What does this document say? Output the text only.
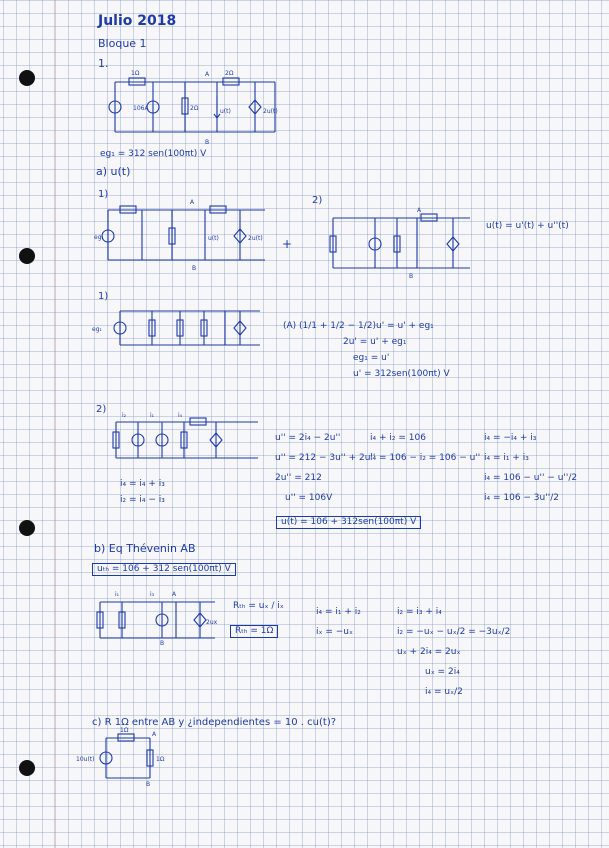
Julio 2018
Bloque 1
1.
1Ω	2Ω
A
B
106A	2Ω	u(t)	2u(t)
eg₁ = 312 sen(100πt) V
a) u(t)
1)
eg₁
A
B
u(t)	2u(t) +
2)
A
B
u(t) = u'(t) + u''(t)
1)
eg₁	(A) (1/1 + 1/2 − 1/2)u' = u' + eg₁
2u' = u' + eg₁
eg₁ = u'
u' = 312sen(100πt) V
2)
i₂	i₁	i₄
i₄ = i₄ + i₃
i₂ = i₄ − i₃
u'' = 2i₄ − 2u''
u'' = 212 − 3u'' + 2u''
2u'' = 212
u'' = 106V
i₄ + i₂ = 106
i₄ = 106 − i₂ = 106 − u''
i₄ = −i₄ + i₃
i₄ = i₁ + i₃
i₄ = 106 − u'' − u''/2
i₄ = 106 − 3u''/2
u(t) = 106 + 312sen(100πt) V
b) Eq Thévenin AB
uₜₕ = 106 + 312 sen(100πt) V
i₁	i₃	A
B
2ux
Rₜₕ = uₓ / iₓ
Rₜₕ = 1Ω
i₄ = i₁ + i₂
iₓ = −uₓ
i₂ = i₃ + i₄
i₂ = −uₓ − uₓ/2 = −3uₓ/2
uₓ + 2i₄ = 2uₓ
uₓ = 2i₄
i₄ = uₓ/2
c) R 1Ω entre AB y ¿independientes = 10 . cu(t)?
10u(t)
1Ω
A
1Ω
B
